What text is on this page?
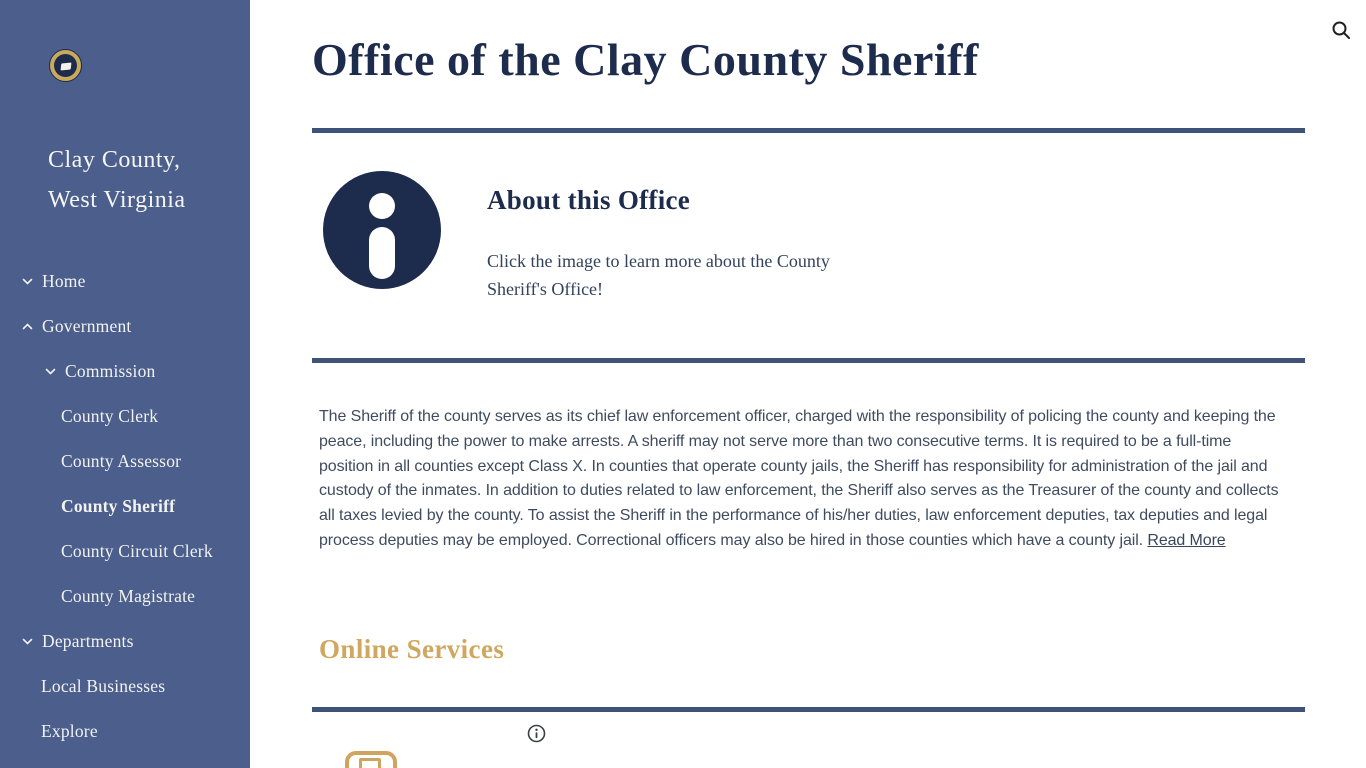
Clay County,
West Virginia
Home
Government
Commission
County Clerk
County Assessor
County Sheriff
County Circuit Clerk
County Magistrate
Departments
Local Businesses
Explore
Office of the Clay County Sheriff
About this Office
Click the image to learn more about the County Sheriff's Office!

The Sheriff of the county serves as its chief law enforcement officer, charged with the responsibility of policing the county and keeping the peace, including the power to make arrests. A sheriff may not serve more than two consecutive terms. It is required to be a full-time position in all counties except Class X. In counties that operate county jails, the Sheriff has responsibility for administration of the jail and custody of the inmates. In addition to duties related to law enforcement, the Sheriff also serves as the Treasurer of the county and collects all taxes levied by the county. To assist the Sheriff in the performance of his/her duties, law enforcement deputies, tax deputies and legal process deputies may be employed. Correctional officers may also be hired in those counties which have a county jail. Read More

Online Services
